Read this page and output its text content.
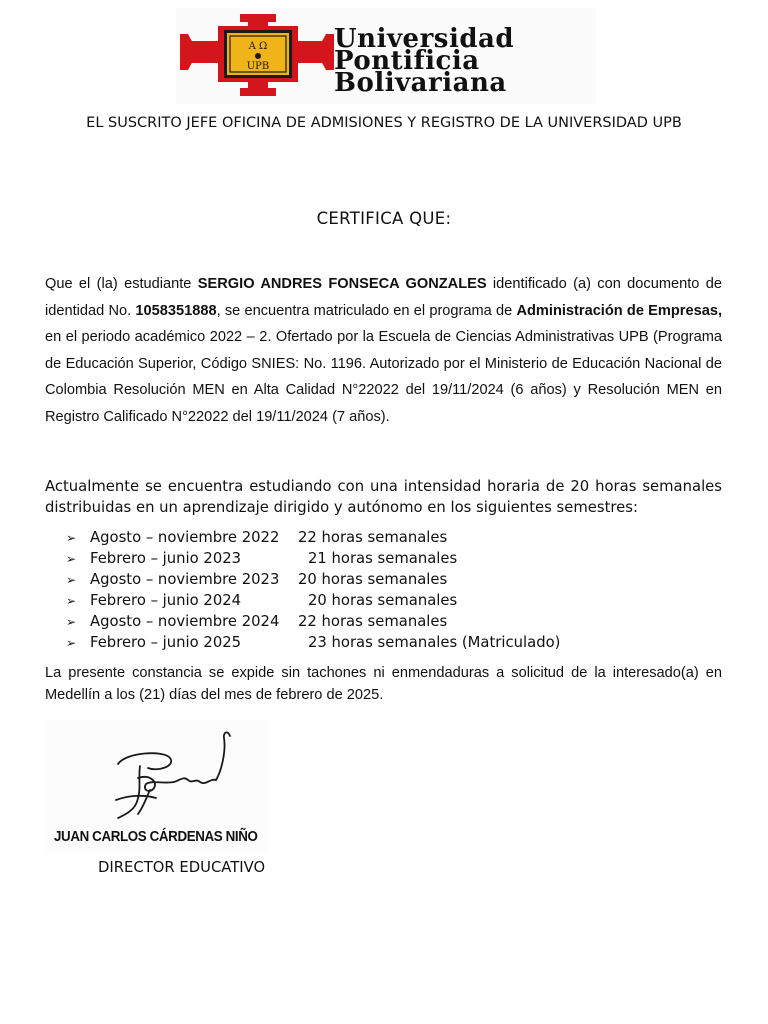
A Ω
UPB
Universidad
Pontificia
Bolivariana
EL SUSCRITO JEFE OFICINA DE ADMISIONES Y REGISTRO DE LA UNIVERSIDAD UPB
CERTIFICA QUE:
Que el (la) estudiante SERGIO ANDRES FONSECA GONZALES identificado (a) con documento de identidad No. 1058351888, se encuentra matriculado en el programa de Administración de Empresas, en el periodo académico 2022 – 2. Ofertado por la Escuela de Ciencias Administrativas UPB (Programa de Educación Superior, Código SNIES: No. 1196. Autorizado por el Ministerio de Educación Nacional de Colombia Resolución MEN en Alta Calidad N°22022 del 19/11/2024 (6 años) y Resolución MEN en Registro Calificado N°22022 del 19/11/2024 (7 años).
Actualmente se encuentra estudiando con una intensidad horaria de 20 horas semanales distribuidas en un aprendizaje dirigido y autónomo en los siguientes semestres:
➢ Agosto – noviembre 2022 22 horas semanales
➢ Febrero – junio 2023	21 horas semanales
➢ Agosto – noviembre 2023 20 horas semanales
➢ Febrero – junio 2024	20 horas semanales
➢ Agosto – noviembre 2024 22 horas semanales
➢ Febrero – junio 2025	23 horas semanales (Matriculado)
La presente constancia se expide sin tachones ni enmendaduras a solicitud de la interesado(a) en Medellín a los (21) días del mes de febrero de 2025.
JUAN CARLOS CÁRDENAS NIÑO
DIRECTOR EDUCATIVO
